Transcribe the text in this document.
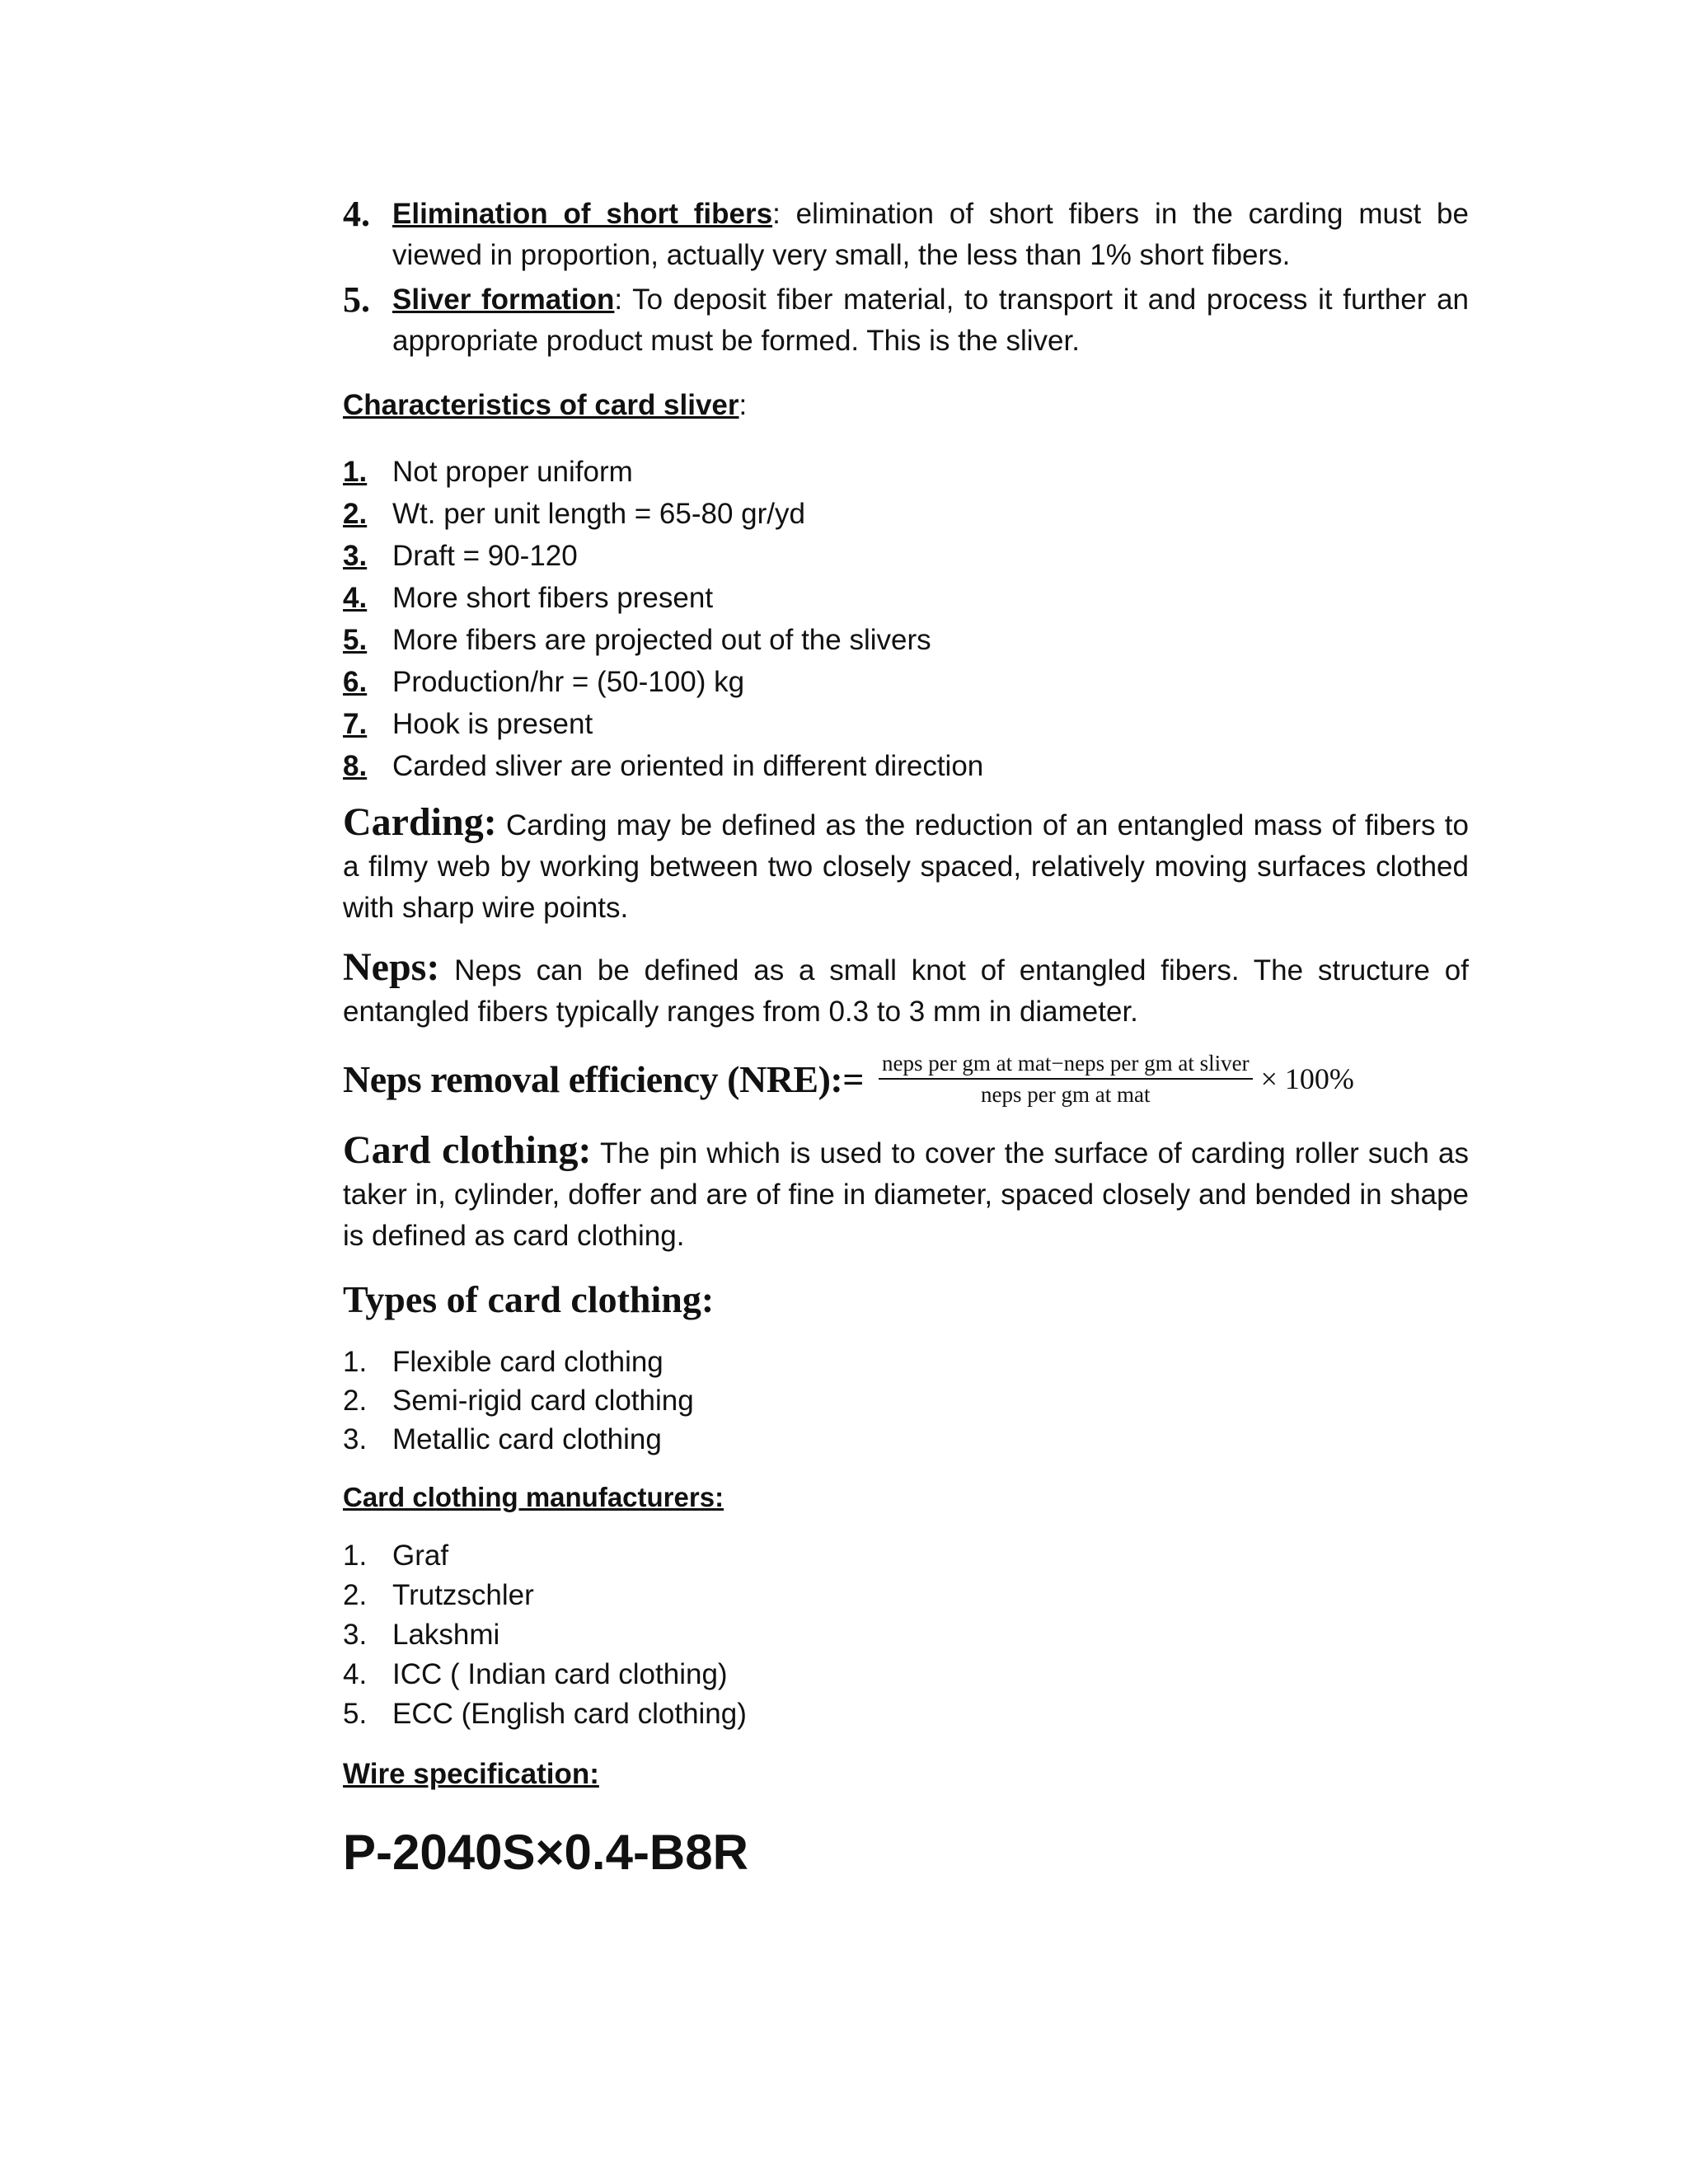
4. Elimination of short fibers: elimination of short fibers in the carding must be viewed in proportion, actually very small, the less than 1% short fibers.
5. Sliver formation: To deposit fiber material, to transport it and process it further an appropriate product must be formed. This is the sliver.
Characteristics of card sliver:
1. Not proper uniform
2. Wt. per unit length = 65-80 gr/yd
3. Draft = 90-120
4. More short fibers present
5. More fibers are projected out of the slivers
6. Production/hr = (50-100) kg
7. Hook is present
8. Carded sliver are oriented in different direction
Carding: Carding may be defined as the reduction of an entangled mass of fibers to a filmy web by working between two closely spaced, relatively moving surfaces clothed with sharp wire points.
Neps: Neps can be defined as a small knot of entangled fibers. The structure of entangled fibers typically ranges from 0.3 to 3 mm in diameter.
Neps removal efficiency (NRE):= $\frac{\text{neps per gm at mat−neps per gm at sliver}}{\text{neps per gm at mat}} \times 100\%$
Card clothing: The pin which is used to cover the surface of carding roller such as taker in, cylinder, doffer and are of fine in diameter, spaced closely and bended in shape is defined as card clothing.
Types of card clothing:
1. Flexible card clothing
2. Semi-rigid card clothing
3. Metallic card clothing
Card clothing manufacturers:
1. Graf
2. Trutzschler
3. Lakshmi
4. ICC ( Indian card clothing)
5. ECC (English card clothing)
Wire specification:
P-2040S×0.4-B8R
